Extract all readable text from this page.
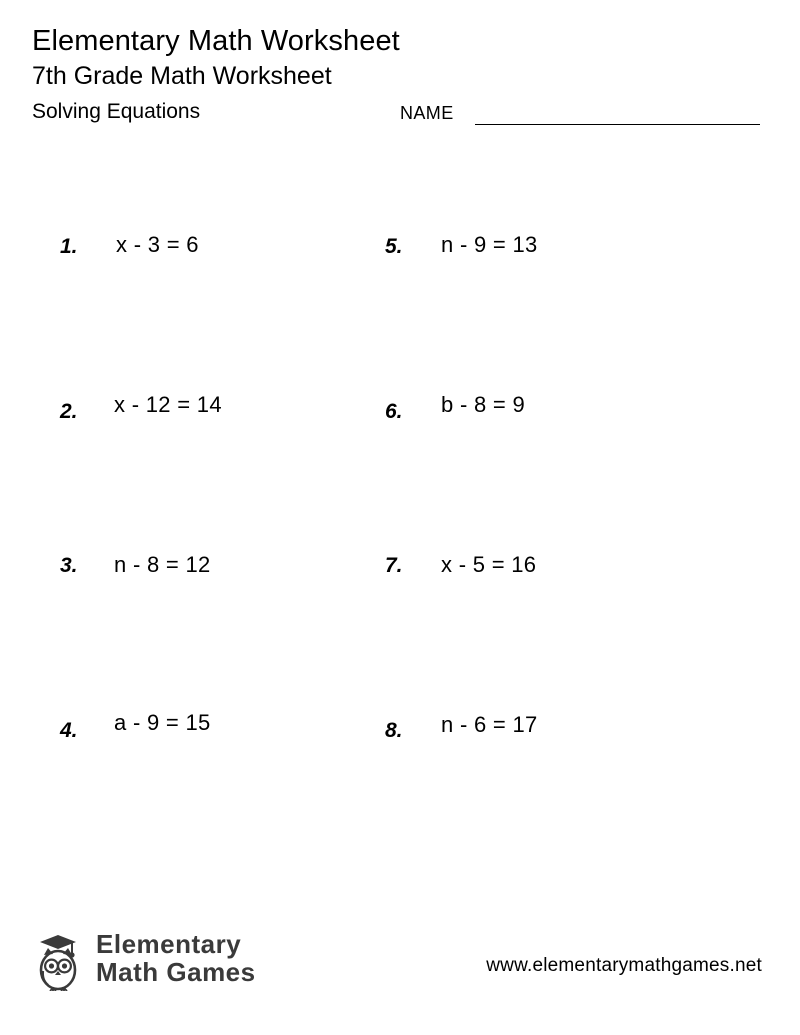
Elementary Math Worksheet
7th Grade Math Worksheet
Solving Equations	NAME
1.	x - 3 = 6	5.	n - 9 = 13
2.	x - 12 = 14	6.	b - 8 = 9
3.	n - 8 = 12	7.	x - 5 = 16
4.	a - 9 = 15	8.	n - 6 = 17
Elementary
Math Games	www.elementarymathgames.net
